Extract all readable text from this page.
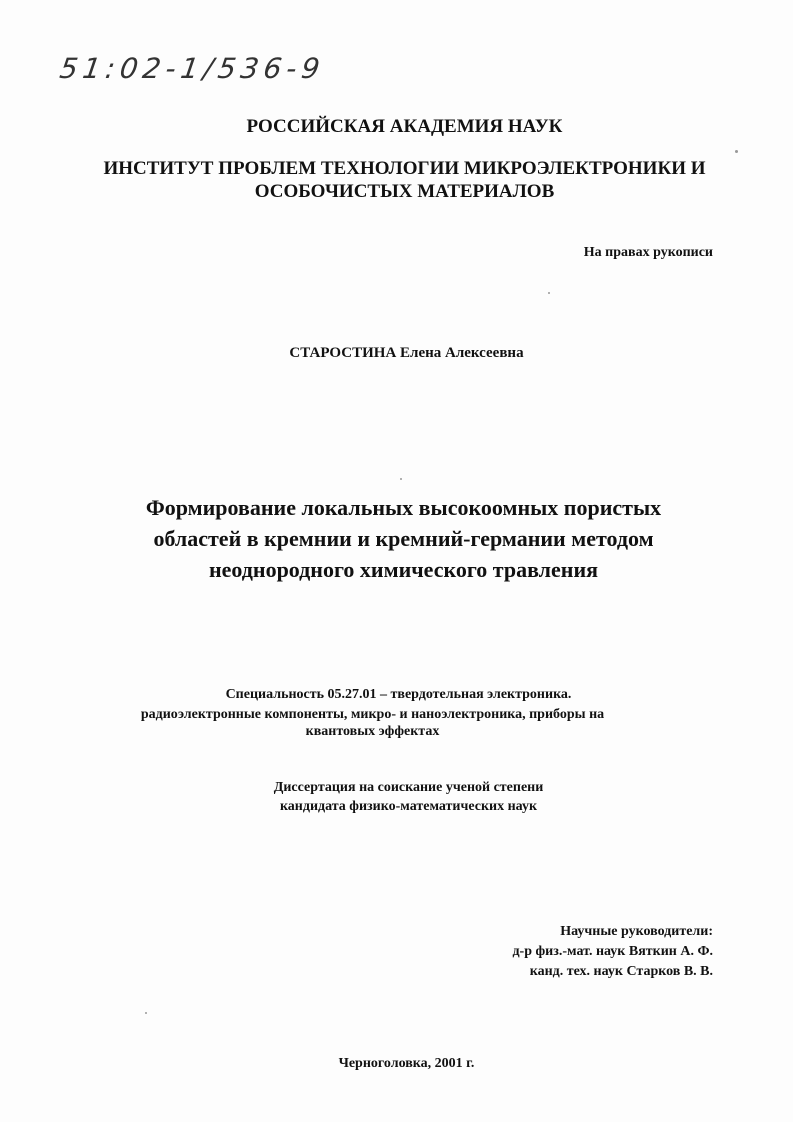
51:02-1/536-9
РОССИЙСКАЯ АКАДЕМИЯ НАУК
ИНСТИТУТ ПРОБЛЕМ ТЕХНОЛОГИИ МИКРОЭЛЕКТРОНИКИ И
ОСОБОЧИСТЫХ МАТЕРИАЛОВ
На правах рукописи
СТАРОСТИНА Елена Алексеевна
Формирование локальных высокоомных пористых
областей в кремнии и кремний-германии методом
неоднородного химического травления
Специальность 05.27.01 – твердотельная электроника.
радиоэлектронные компоненты, микро- и наноэлектроника, приборы на
квантовых эффектах
Диссертация на соискание ученой степени
кандидата физико-математических наук
Научные руководители:
д-р физ.-мат. наук Вяткин А. Ф.
канд. тех. наук Старков В. В.
Черноголовка, 2001 г.
